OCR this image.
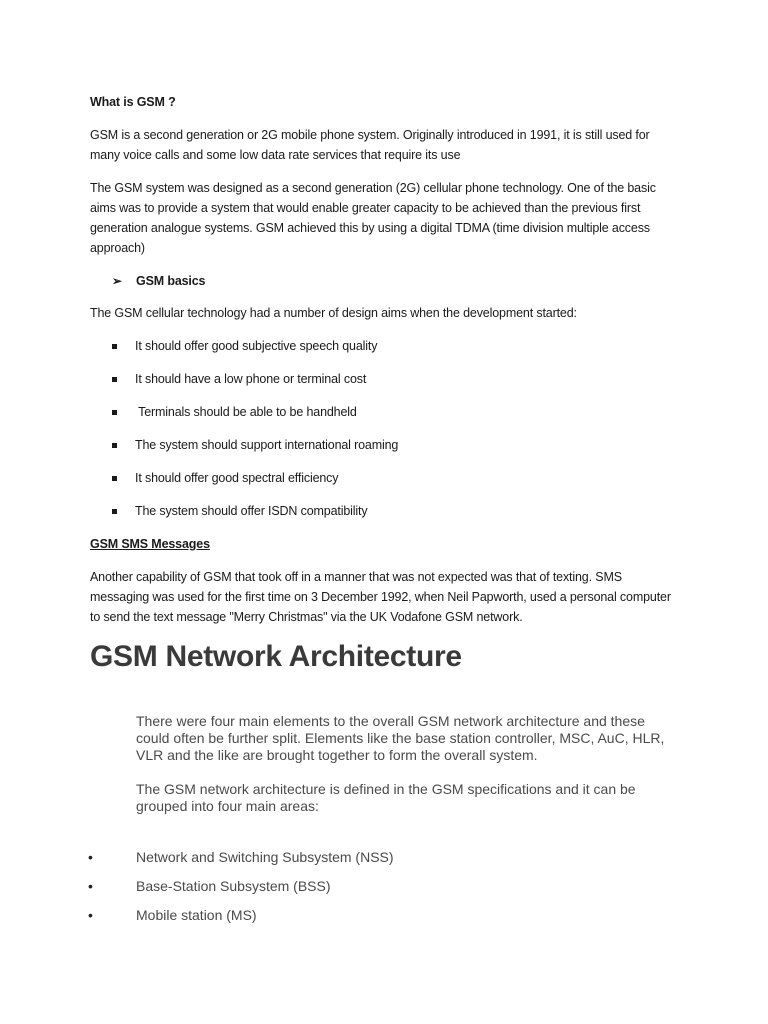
What is GSM ?

GSM is a second generation or 2G mobile phone system. Originally introduced in 1991, it is still used for many voice calls and some low data rate services that require its use

The GSM system was designed as a second generation (2G) cellular phone technology. One of the basic aims was to provide a system that would enable greater capacity to be achieved than the previous first generation analogue systems. GSM achieved this by using a digital TDMA (time division multiple access approach)

➢ GSM basics

The GSM cellular technology had a number of design aims when the development started:

It should offer good subjective speech quality
It should have a low phone or terminal cost
Terminals should be able to be handheld
The system should support international roaming
It should offer good spectral efficiency
The system should offer ISDN compatibility

GSM SMS Messages

Another capability of GSM that took off in a manner that was not expected was that of texting. SMS messaging was used for the first time on 3 December 1992, when Neil Papworth, used a personal computer to send the text message "Merry Christmas" via the UK Vodafone GSM network.

GSM Network Architecture

There were four main elements to the overall GSM network architecture and these could often be further split. Elements like the base station controller, MSC, AuC, HLR, VLR and the like are brought together to form the overall system.

The GSM network architecture is defined in the GSM specifications and it can be grouped into four main areas:

•	Network and Switching Subsystem (NSS)
•	Base-Station Subsystem (BSS)
•	Mobile station (MS)
